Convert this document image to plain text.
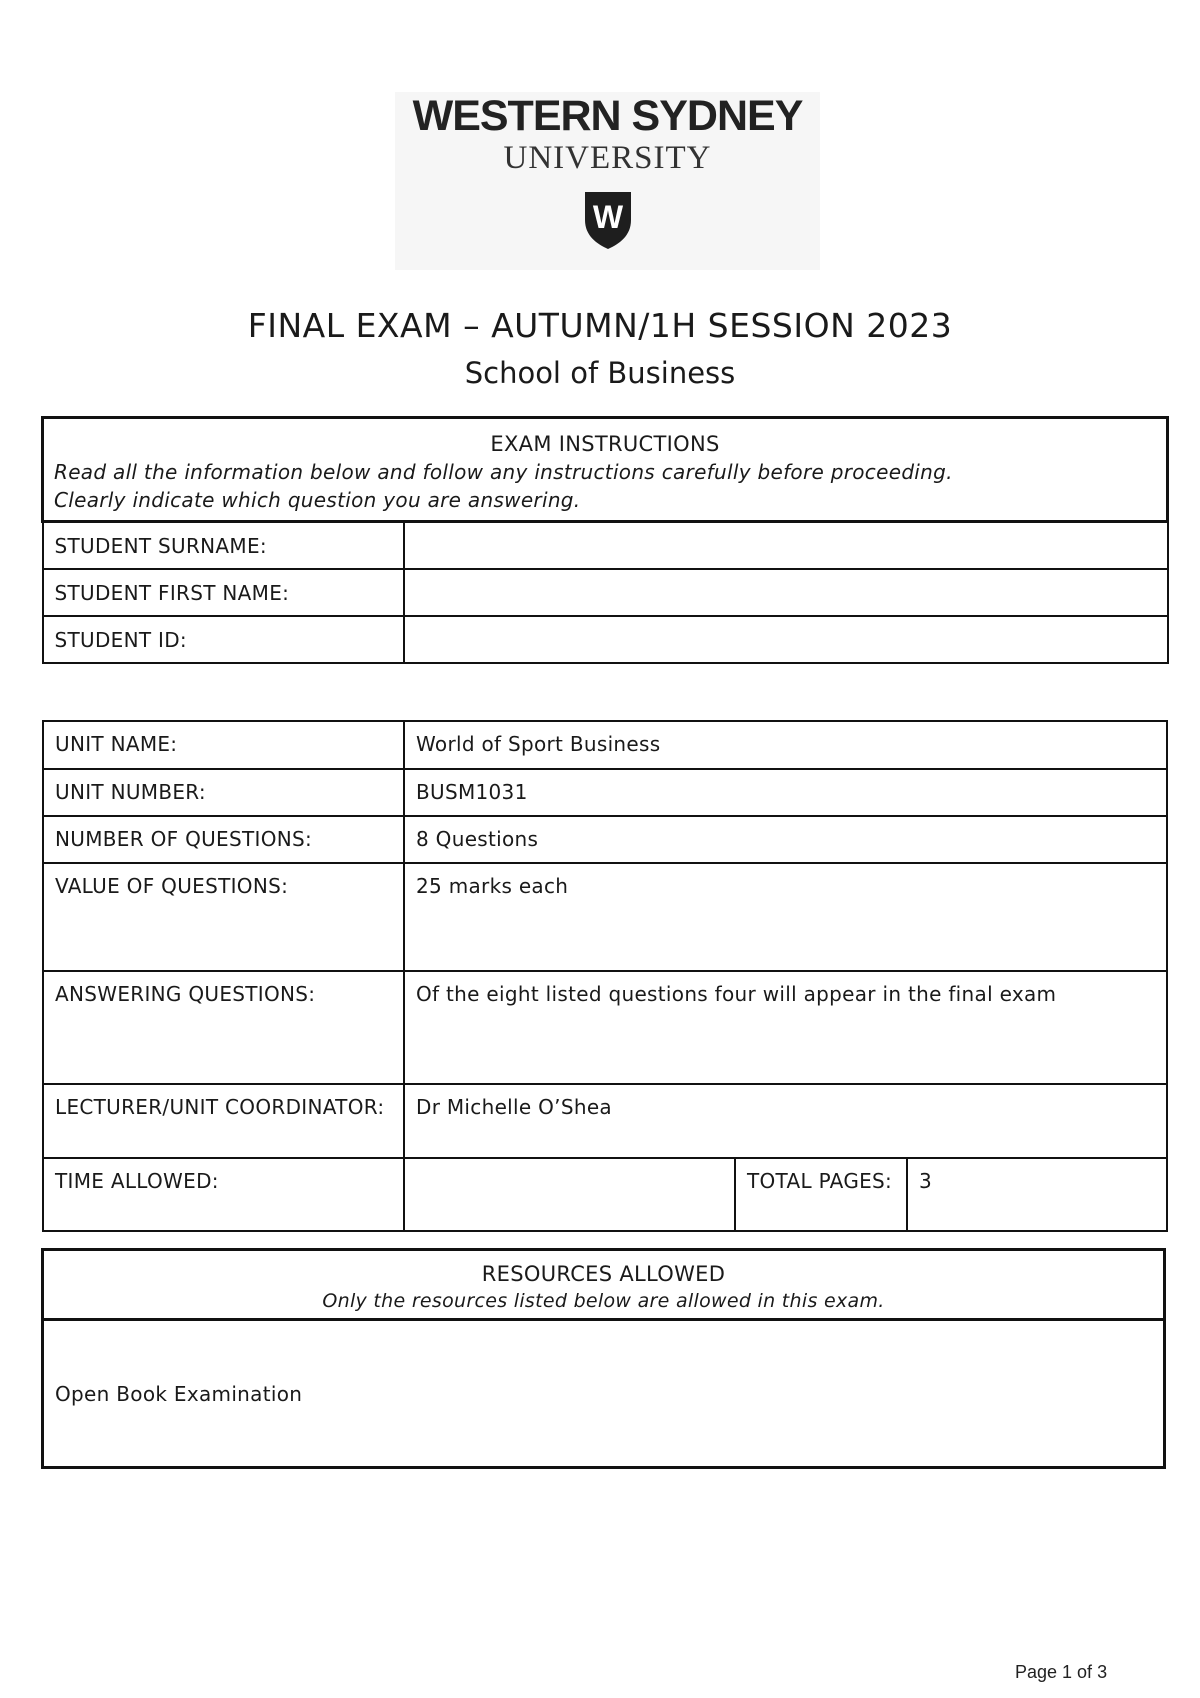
WESTERN SYDNEY
UNIVERSITY
W
FINAL EXAM – AUTUMN/1H SESSION 2023
School of Business
EXAM INSTRUCTIONS
Read all the information below and follow any instructions carefully before proceeding.
Clearly indicate which question you are answering.	

STUDENT SURNAME:	
STUDENT FIRST NAME:	
STUDENT ID:	
UNIT NAME:	World of Sport Business		
UNIT NUMBER:	BUSM1031		
NUMBER OF QUESTIONS:	8 Questions		
VALUE OF QUESTIONS:	25 marks each		
ANSWERING QUESTIONS:	Of the eight listed questions four will appear in the final exam		
LECTURER/UNIT COORDINATOR:	Dr Michelle O’Shea		
TIME ALLOWED:		TOTAL PAGES:	3
RESOURCES ALLOWED
Only the resources listed below are allowed in this exam.

Open Book Examination
Page 1 of 3
